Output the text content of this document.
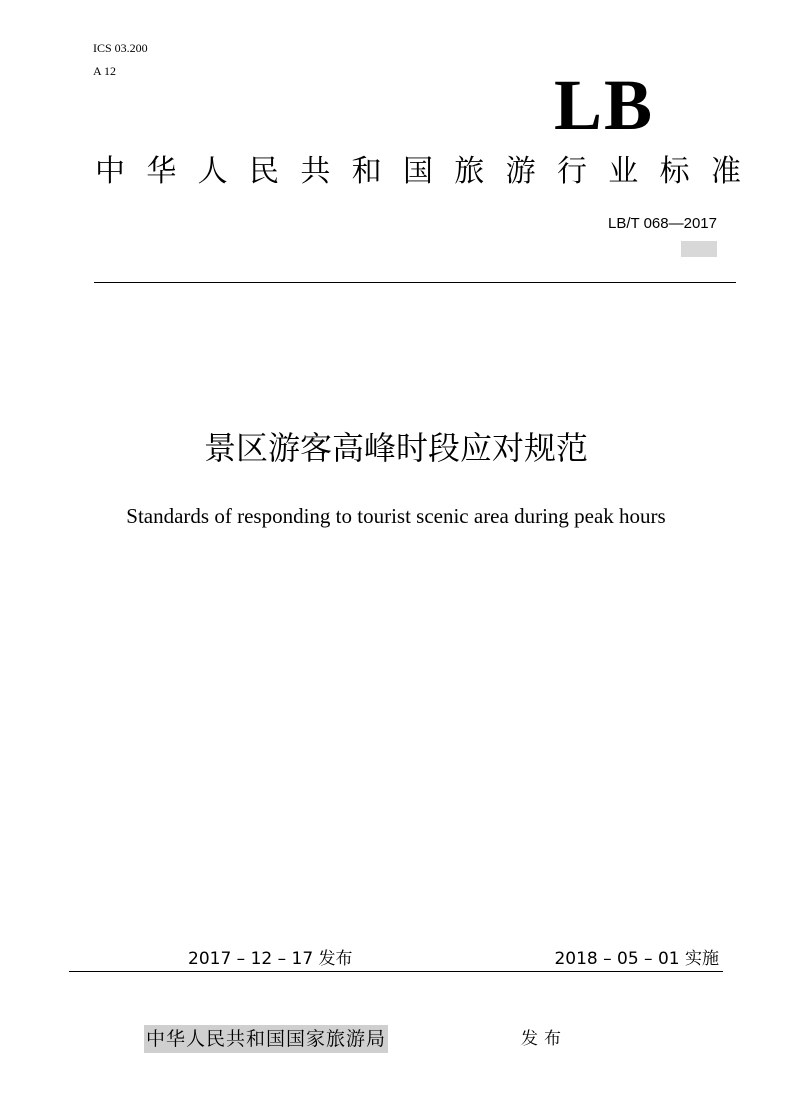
ICS 03.200
A 12	LB
中 华 人 民 共 和 国 旅 游 行 业 标 准
LB/T 068—2017
景区游客高峰时段应对规范
Standards of responding to tourist scenic area during peak hours
2017 – 12 – 17 发布	2018 – 05 – 01 实施
中华人民共和国国家旅游局	发布
